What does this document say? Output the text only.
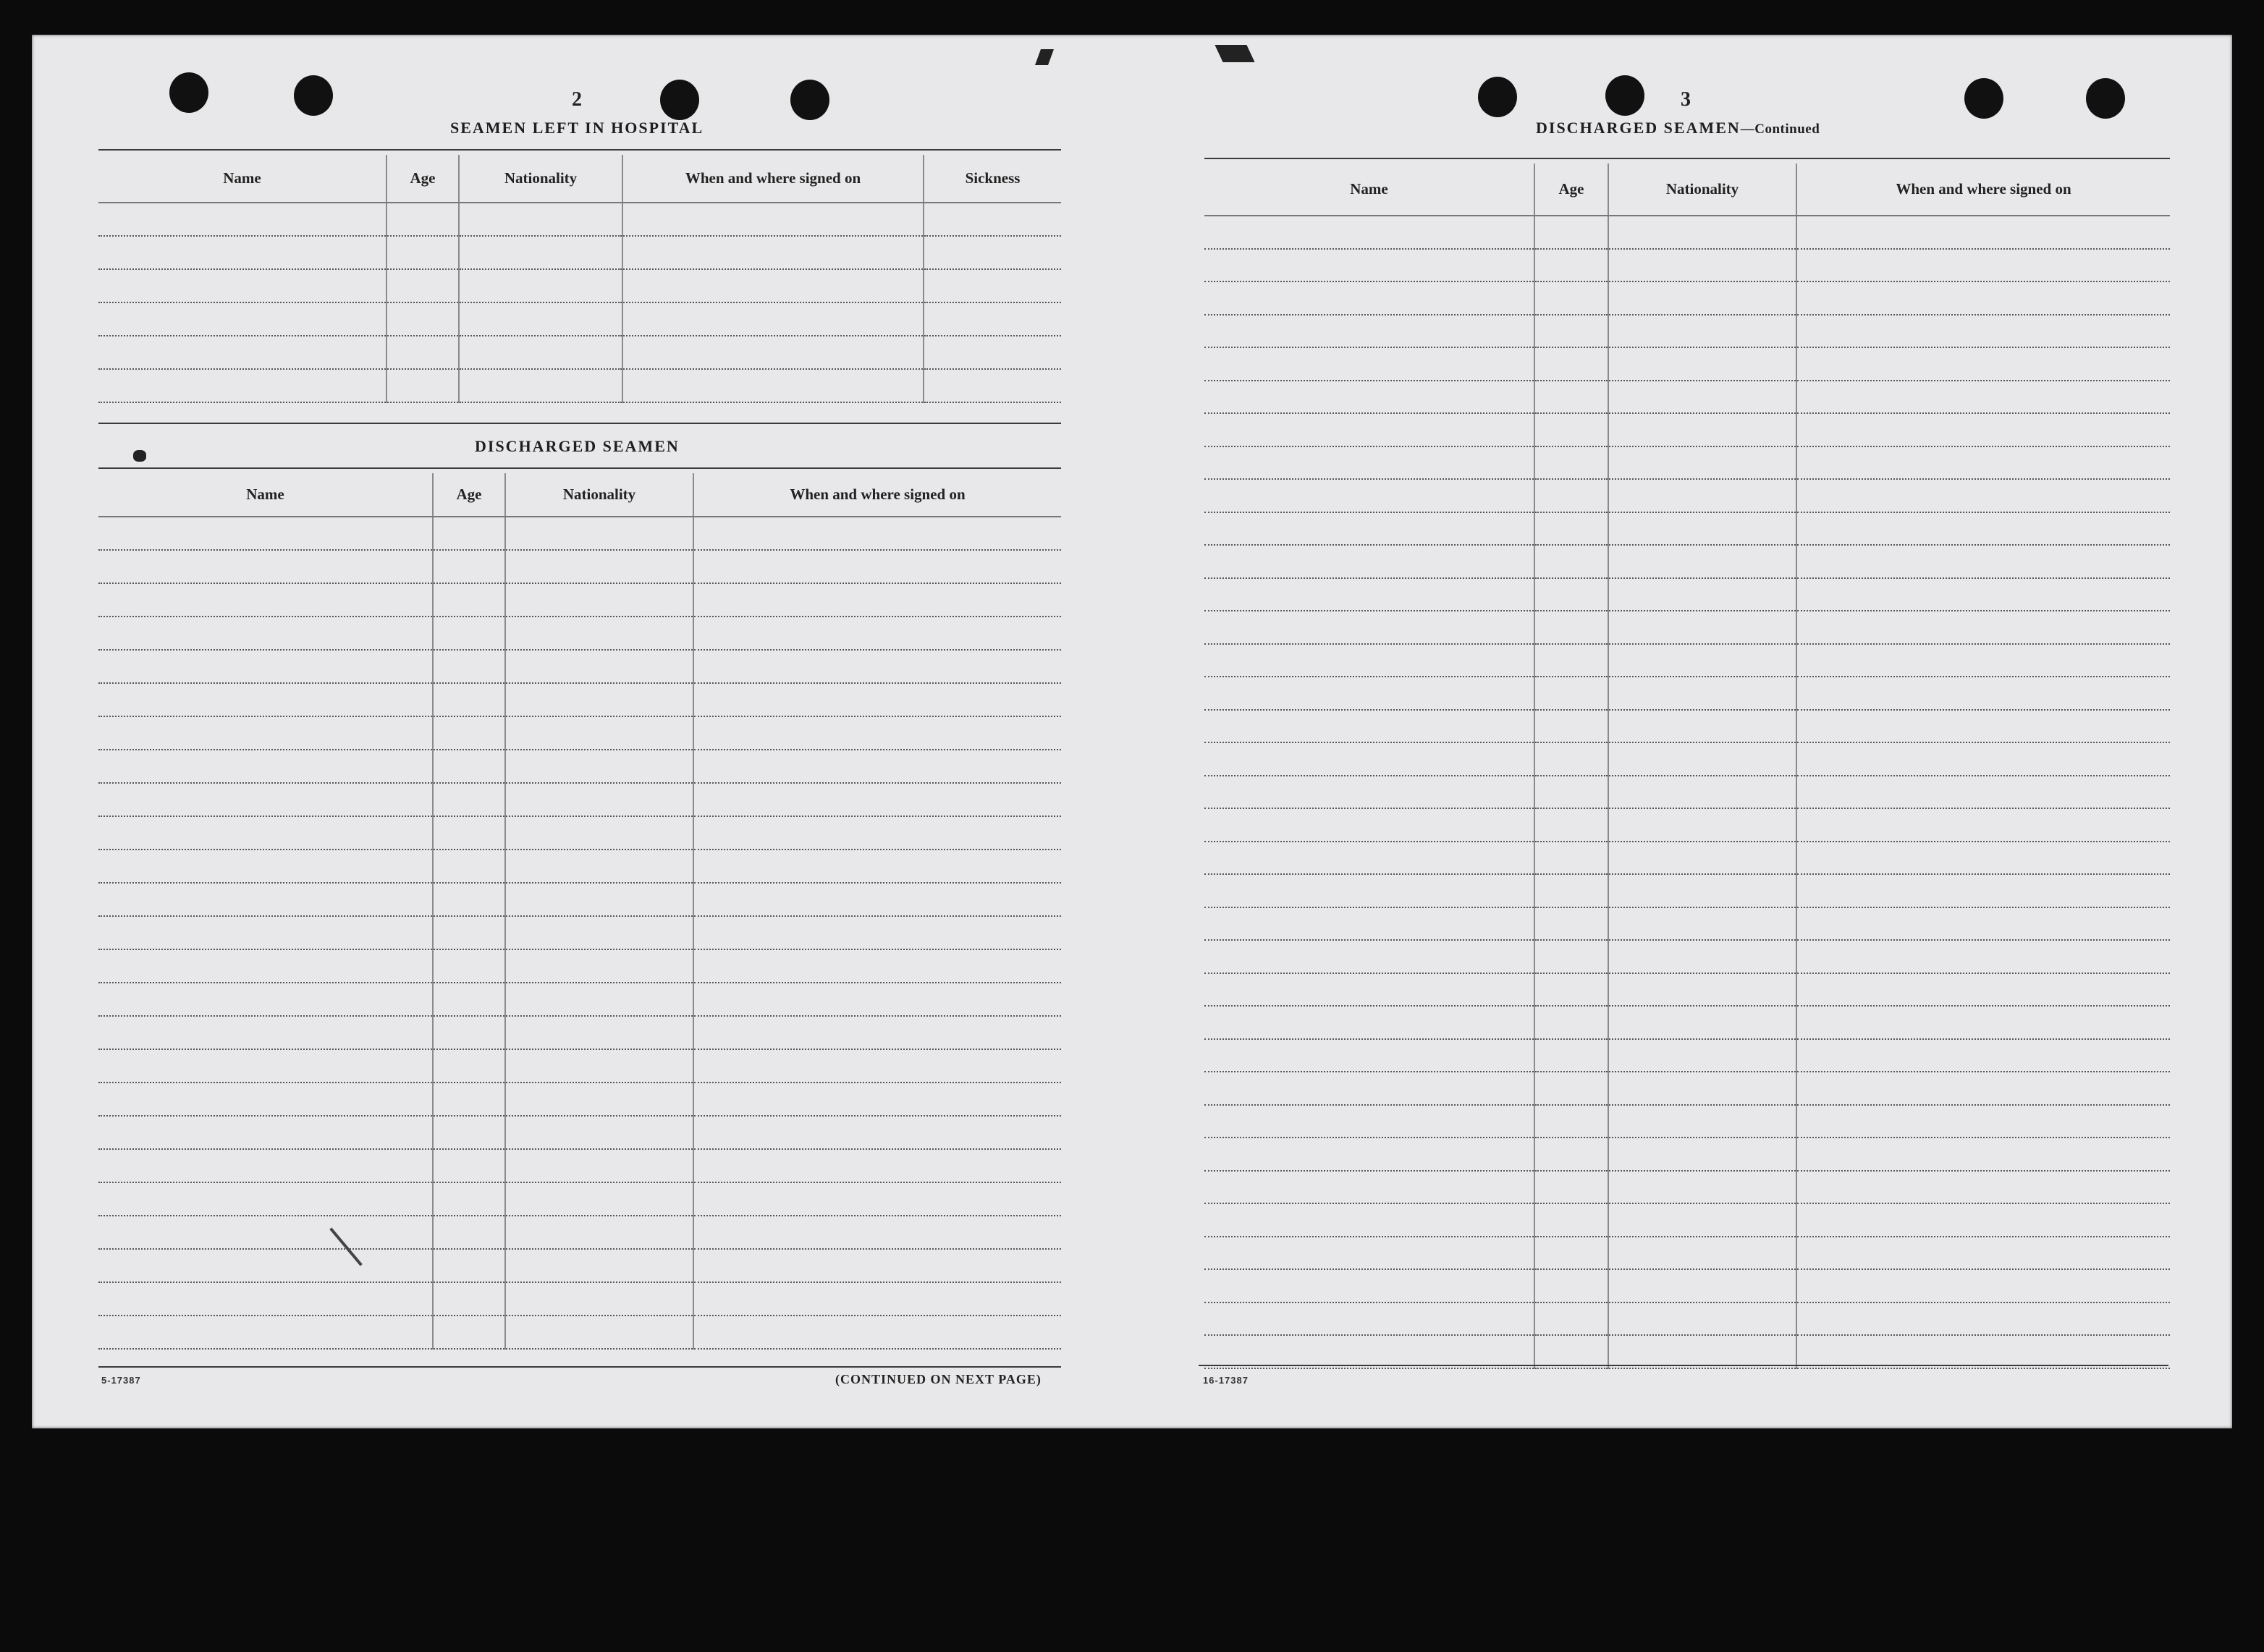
2
SEAMEN LEFT IN HOSPITAL
Name	Age	Nationality	When and where signed on	Sickness

DISCHARGED SEAMEN
Name	Age	Nationality	When and where signed on

5-17387	(CONTINUED ON NEXT PAGE)
3
DISCHARGED SEAMEN—Continued
Name	Age	Nationality	When and where signed on

16-17387
